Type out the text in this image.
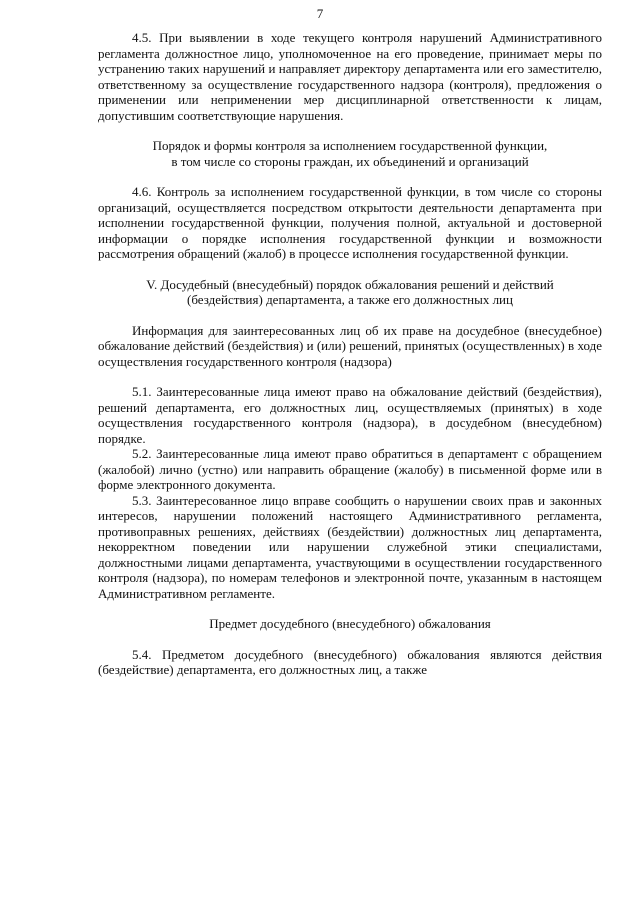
7

4.5. При выявлении в ходе текущего контроля нарушений Административного регламента должностное лицо, уполномоченное на его проведение, принимает меры по устранению таких нарушений и направляет директору департамента или его заместителю, ответственному за осуществление государственного надзора (контроля), предложения о применении или неприменении мер дисциплинарной ответственности к лицам, допустившим соответствующие нарушения.

Порядок и формы контроля за исполнением государственной функции,

в том числе со стороны граждан, их объединений и организаций

4.6. Контроль за исполнением государственной функции, в том числе со стороны организаций, осуществляется посредством открытости деятельности департамента при исполнении государственной функции, получения полной, актуальной и достоверной информации о порядке исполнения государственной функции и возможности рассмотрения обращений (жалоб) в процессе исполнения государственной функции.

V. Досудебный (внесудебный) порядок обжалования решений и действий

(бездействия) департамента, а также его должностных лиц

Информация для заинтересованных лиц об их праве на досудебное (внесудебное) обжалование действий (бездействия) и (или) решений, принятых (осуществленных) в ходе осуществления государственного контроля (надзора)

5.1. Заинтересованные лица имеют право на обжалование действий (бездействия), решений департамента, его должностных лиц, осуществляемых (принятых) в ходе осуществления государственного контроля (надзора), в досудебном (внесудебном) порядке.

5.2. Заинтересованные лица имеют право обратиться в департамент с обращением (жалобой) лично (устно) или направить обращение (жалобу) в письменной форме или в форме электронного документа.

5.3. Заинтересованное лицо вправе сообщить о нарушении своих прав и законных интересов, нарушении положений настоящего Административного регламента, противоправных решениях, действиях (бездействии) должностных лиц департамента, некорректном поведении или нарушении служебной этики специалистами, должностными лицами департамента, участвующими в осуществлении государственного контроля (надзора), по номерам телефонов и электронной почте, указанным в настоящем Административном регламенте.

Предмет досудебного (внесудебного) обжалования

5.4. Предметом досудебного (внесудебного) обжалования являются действия (бездействие) департамента, его должностных лиц, а также
